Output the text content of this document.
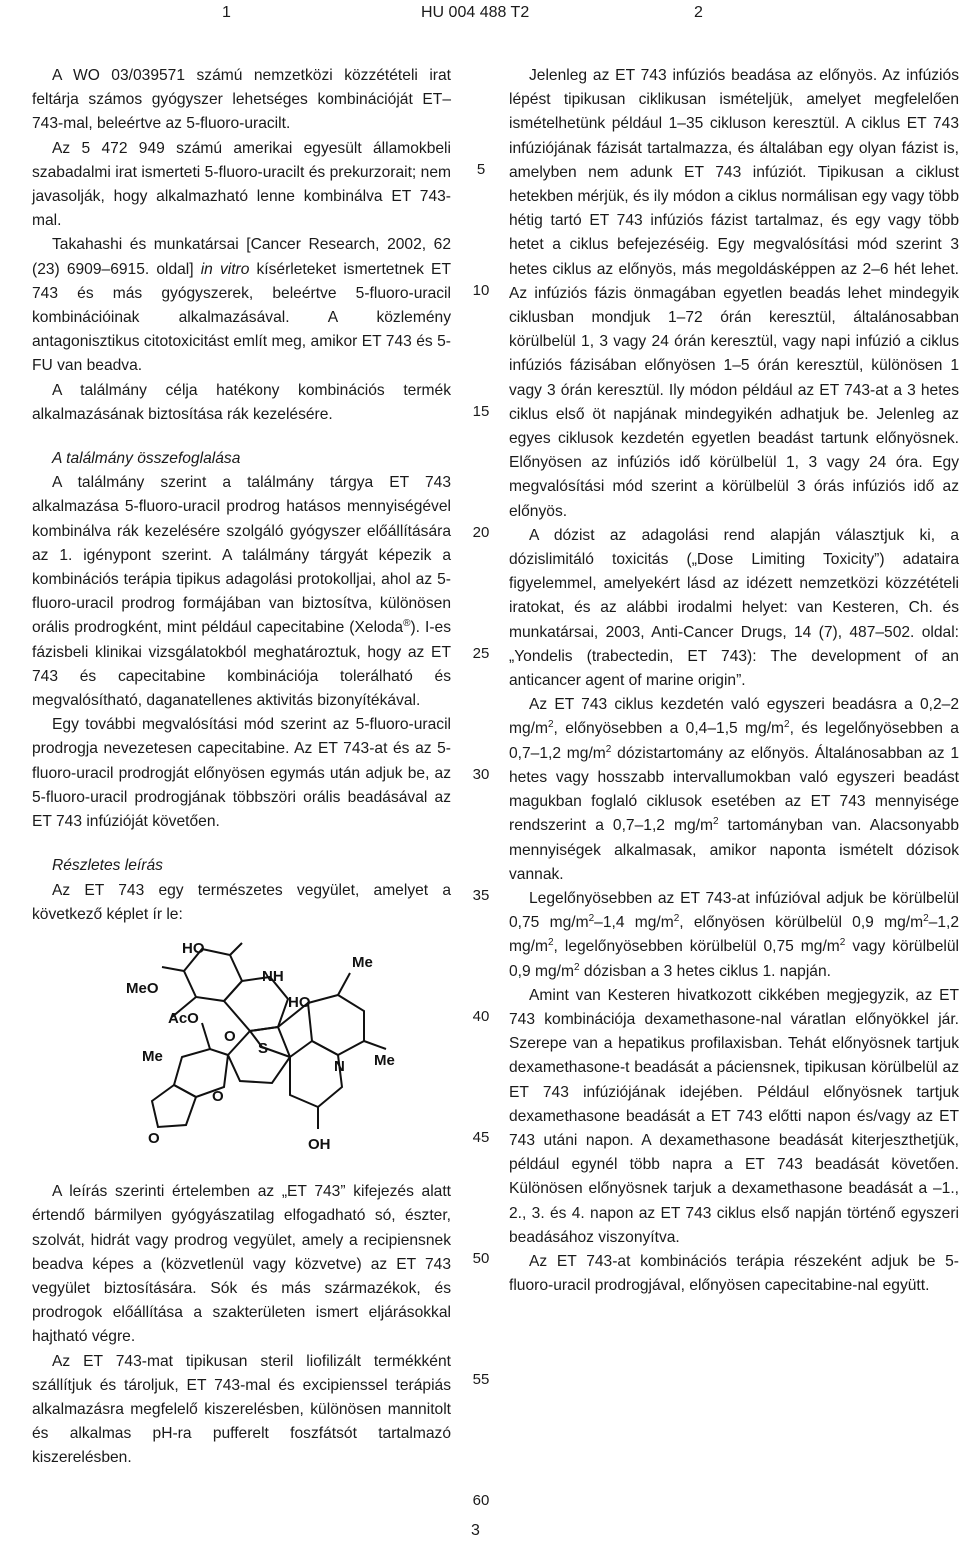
1	HU 004 488 T2	2

A WO 03/039571 számú nemzetközi közzétételi irat feltárja számos gyógyszer lehetséges kombinációját ET–743-mal, beleértve az 5-fluoro-uracilt.

Az 5 472 949 számú amerikai egyesült államokbeli szabadalmi irat ismerteti 5-fluoro-uracilt és prekurzorait; nem javasolják, hogy alkalmazható lenne kombinálva ET 743-mal.

Takahashi és munkatársai [Cancer Research, 2002, 62 (23) 6909–6915. oldal] in vitro kísérleteket ismertetnek ET 743 és más gyógyszerek, beleértve 5-fluoro-uracil kombinációinak alkalmazásával. A közlemény antagonisztikus citotoxicitást említ meg, amikor ET 743 és 5-FU van beadva.

A találmány célja hatékony kombinációs termék alkalmazásának biztosítása rák kezelésére.

A találmány összefoglalása

A találmány szerint a találmány tárgya ET 743 alkalmazása 5-fluoro-uracil prodrog hatásos mennyiségével kombinálva rák kezelésére szolgáló gyógyszer előállítására az 1. igénypont szerint. A találmány tárgyát képezik a kombinációs terápia tipikus adagolási protokolljai, ahol az 5-fluoro-uracil prodrog formájában van biztosítva, különösen orális prodrogként, mint például capecitabine (Xeloda®). I-es fázisbeli klinikai vizsgálatokból meghatároztuk, hogy az ET 743 és capecitabine kombinációja tolerálható és megvalósítható, daganatellenes aktivitás bizonyítékával.

Egy további megvalósítási mód szerint az 5-fluoro-uracil prodrogja nevezetesen capecitabine. Az ET 743-at és az 5-fluoro-uracil prodrogját előnyösen egymás után adjuk be, az 5-fluoro-uracil prodrogjának többszöri orális beadásával az ET 743 infúzióját követően.

Részletes leírás

Az ET 743 egy természetes vegyület, amelyet a következő képlet ír le:

HO
MeO
NH
HO
Me
AcO
O
S
Me
O
N Me
O	OH

A leírás szerinti értelemben az „ET 743” kifejezés alatt értendő bármilyen gyógyászatilag elfogadható só, észter, szolvát, hidrát vagy prodrog vegyület, amely a recipiensnek beadva képes a (közvetlenül vagy közvetve) az ET 743 vegyület biztosítására. Sók és más származékok, és prodrogok előállítása a szakterületen ismert eljárásokkal hajtható végre.

Az ET 743-mat tipikusan steril liofilizált termékként szállítjuk és tároljuk, ET 743-mal és excipienssel terápiás alkalmazásra megfelelő kiszerelésben, különösen mannitolt és alkalmas pH-ra pufferelt foszfátsót tartalmazó kiszerelésben.

5
10
15
20
25
30
35
40
45
50
55
60

Jelenleg az ET 743 infúziós beadása az előnyös. Az infúziós lépést tipikusan ciklikusan ismételjük, amelyet megfelelően ismételhetünk például 1–35 cikluson keresztül. A ciklus ET 743 infúziójának fázisát tartalmazza, és általában egy olyan fázist is, amelyben nem adunk ET 743 infúziót. Tipikusan a ciklust hetekben mérjük, és ily módon a ciklus normálisan egy vagy több hétig tartó ET 743 infúziós fázist tartalmaz, és egy vagy több hetet a ciklus befejezéséig. Egy megvalósítási mód szerint 3 hetes ciklus az előnyös, más megoldásképpen az 2–6 hét lehet. Az infúziós fázis önmagában egyetlen beadás lehet mindegyik ciklusban mondjuk 1–72 órán keresztül, általánosabban körülbelül 1, 3 vagy 24 órán keresztül, vagy napi infúzió a ciklus infúziós fázisában előnyösen 1–5 órán keresztül, különösen 1 vagy 3 órán keresztül. Ily módon például az ET 743-at a 3 hetes ciklus első öt napjának mindegyikén adhatjuk be. Jelenleg az egyes ciklusok kezdetén egyetlen beadást tartunk előnyösnek. Előnyösen az infúziós idő körülbelül 1, 3 vagy 24 óra. Egy megvalósítási mód szerint a körülbelül 3 órás infúziós idő az előnyös.

A dózist az adagolási rend alapján választjuk ki, a dózislimitáló toxicitás („Dose Limiting Toxicity”) adataira figyelemmel, amelyekért lásd az idézett nemzetközi közzétételi iratokat, és az alábbi irodalmi helyet: van Kesteren, Ch. és munkatársai, 2003, Anti-Cancer Drugs, 14 (7), 487–502. oldal: „Yondelis (trabectedin, ET 743): The development of an anticancer agent of marine origin”.

Az ET 743 ciklus kezdetén való egyszeri beadásra a 0,2–2 $mg/m^2$, előnyösebben a 0,4–1,5 $mg/m^2$, és legelőnyösebben a 0,7–1,2 $mg/m^2$ dózistartomány az előnyös. Általánosabban az 1 hetes vagy hosszabb intervallumokban való egyszeri beadást magukban foglaló ciklusok esetében az ET 743 mennyisége rendszerint a 0,7–1,2 $mg/m^2$ tartományban van. Alacsonyabb mennyiségek alkalmasak, amikor naponta ismételt dózisok vannak.

Legelőnyösebben az ET 743-at infúzióval adjuk be körülbelül 0,75 $mg/m^2-1,4$ $mg/m^2$, előnyösen körülbelül 0,9 $mg/m^2-1,2$ $mg/m^2$, legelőnyösebben körülbelül 0,75 $mg/m^2$ vagy körülbelül 0,9 $mg/m^2$ dózisban a 3 hetes ciklus 1. napján.

Amint van Kesteren hivatkozott cikkében megjegyzik, az ET 743 kombinációja dexamethasone-nal váratlan előnyökkel jár. Szerepe van a hepatikus profilaxisban. Tehát előnyösnek tartjuk dexamethasone-t beadását a páciensnek, tipikusan körülbelül az ET 743 infúziójának idejében. Például előnyösnek tartjuk dexamethasone beadását a ET 743 előtti napon és/vagy az ET 743 utáni napon. A dexamethasone beadását kiterjeszthetjük, például egynél több napra a ET 743 beadását követően. Különösen előnyösnek tarjuk a dexamethasone beadását a –1., 2., 3. és 4. napon az ET 743 ciklus első napján történő egyszeri beadásához viszonyítva.

Az ET 743-at kombinációs terápia részeként adjuk be 5-fluoro-uracil prodrogjával, előnyösen capecitabine-nal együtt.

3
